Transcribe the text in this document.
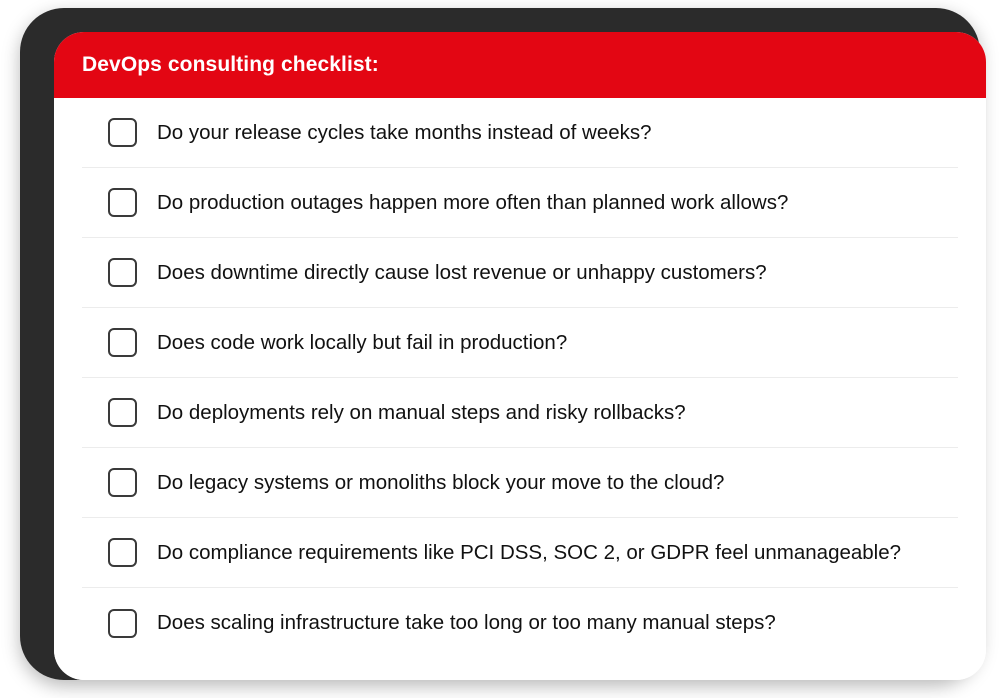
DevOps consulting checklist:
Do your release cycles take months instead of weeks?
Do production outages happen more often than planned work allows?
Does downtime directly cause lost revenue or unhappy customers?
Does code work locally but fail in production?
Do deployments rely on manual steps and risky rollbacks?
Do legacy systems or monoliths block your move to the cloud?
Do compliance requirements like PCI DSS, SOC 2, or GDPR feel unmanageable?
Does scaling infrastructure take too long or too many manual steps?
